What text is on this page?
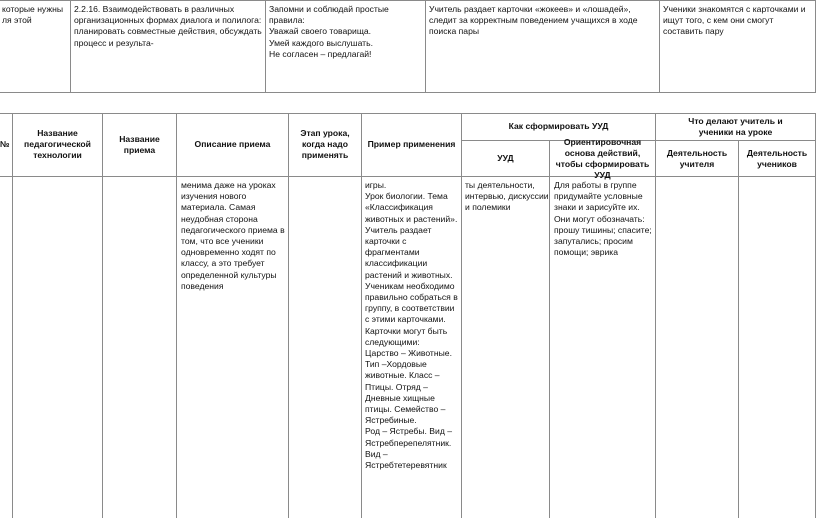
которые нужны
ля этой
2.2.16. Взаимодействовать в различных организационных формах диалога и полилога: планировать совместные действия, обсуждать процесс и результа-
Запомни и соблюдай простые правила:
Уважай своего товарища.
Умей каждого выслушать.
Не согласен – предлагай!
Учитель раздает карточки «жокеев» и «лошадей», следит за корректным поведением учащихся в ходе поиска пары
Ученики знакомятся с карточками и ищут того, с кем они смогут составить пару
№
Название педагогической технологии
Название приема
Описание приема
Этап урока, когда надо применять
Пример применения
Как сформировать УУД
УУД
Ориентировочная основа действий, чтобы сформировать УУД
Что делают учитель и ученики на уроке
Деятельность учителя
Деятельность учеников
менима даже на уроках изучения нового материала. Самая неудобная сторона педагогического приема в том, что все ученики одновременно ходят по классу, а это требует определенной культуры поведения
игры.
Урок биологии. Тема «Классификация животных и растений».
Учитель раздает карточки с фрагментами классификации растений и животных. Ученикам необходимо правильно собраться в группу, в соответствии с этими карточками. Карточки могут быть следующими:
Царство – Животные. Тип –Хордовые животные. Класс – Птицы. Отряд – Дневные хищные птицы. Семейство – Ястребиные.
Род – Ястребы. Вид – Ястребперепелятник.
Вид – Ястребтетеревятник
ты деятельности, интервью, дискуссии и полемики
Для работы в группе придумайте условные знаки и зарисуйте их. Они могут обозначать: прошу тишины; спасите; запутались; просим помощи; эврика
